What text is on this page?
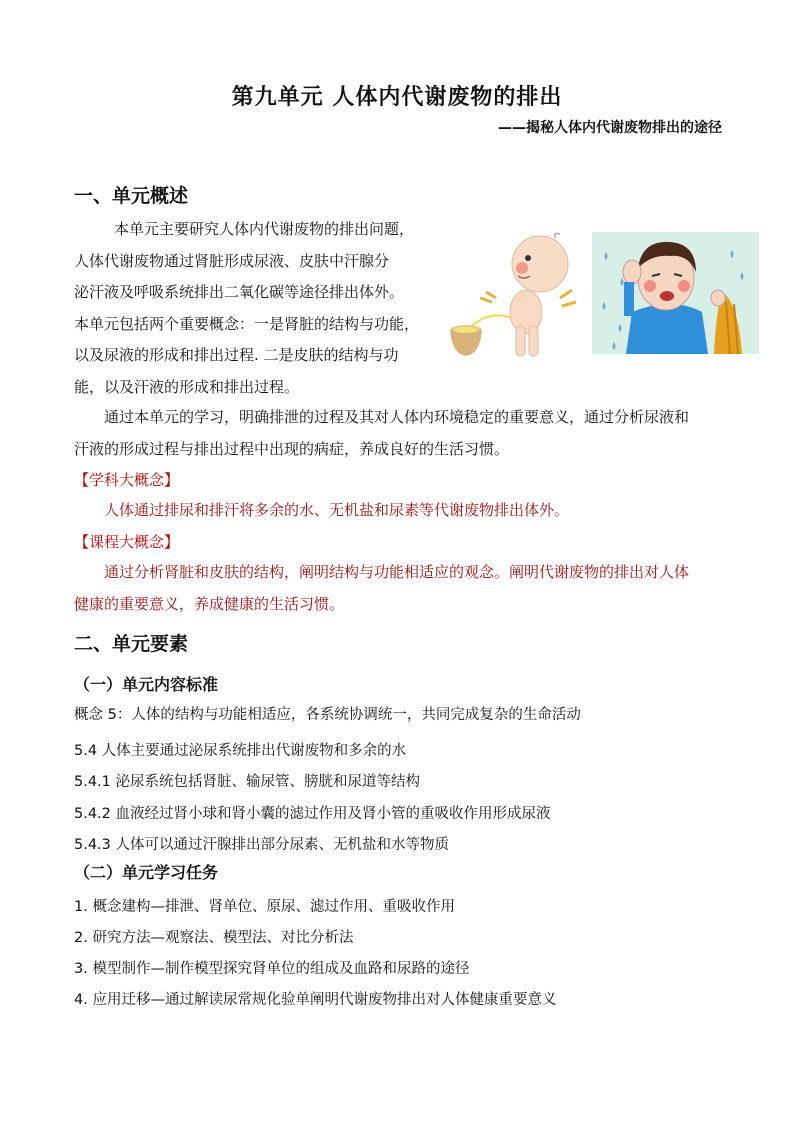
第九单元 人体内代谢废物的排出
——揭秘人体内代谢废物排出的途径
一、单元概述
本单元主要研究人体内代谢废物的排出问题，
人体代谢废物通过肾脏形成尿液、皮肤中汗腺分
泌汗液及呼吸系统排出二氧化碳等途径排出体外。
本单元包括两个重要概念：一是肾脏的结构与功能，
以及尿液的形成和排出过程. 二是皮肤的结构与功
能，以及汗液的形成和排出过程。
通过本单元的学习，明确排泄的过程及其对人体内环境稳定的重要意义，通过分析尿液和
汗液的形成过程与排出过程中出现的病症，养成良好的生活习惯。
【学科大概念】
人体通过排尿和排汗将多余的水、无机盐和尿素等代谢废物排出体外。
【课程大概念】
通过分析肾脏和皮肤的结构，阐明结构与功能相适应的观念。阐明代谢废物的排出对人体
健康的重要意义，养成健康的生活习惯。
二、单元要素
（一）单元内容标准
概念 5：人体的结构与功能相适应，各系统协调统一，共同完成复杂的生命活动
5.4 人体主要通过泌尿系统排出代谢废物和多余的水
5.4.1 泌尿系统包括肾脏、输尿管、膀胱和尿道等结构
5.4.2 血液经过肾小球和肾小囊的滤过作用及肾小管的重吸收作用形成尿液
5.4.3 人体可以通过汗腺排出部分尿素、无机盐和水等物质
（二）单元学习任务
1. 概念建构—排泄、肾单位、原尿、滤过作用、重吸收作用
2. 研究方法—观察法、模型法、对比分析法
3. 模型制作—制作模型探究肾单位的组成及血路和尿路的途径
4. 应用迁移—通过解读尿常规化验单阐明代谢废物排出对人体健康重要意义
